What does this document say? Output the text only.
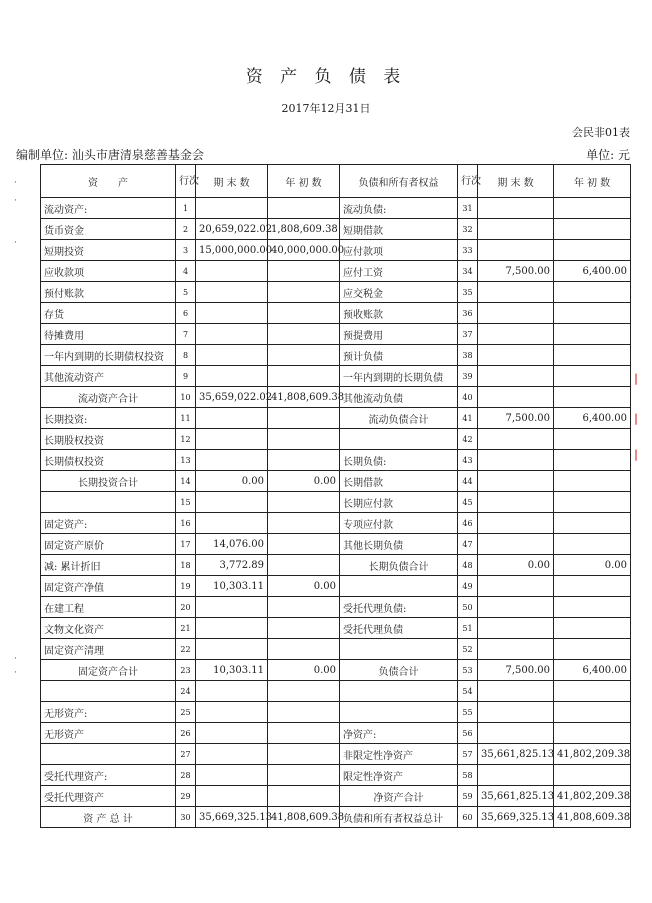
资 产 负 债 表
2017年12月31日
会民非01表
编制单位: 汕头市唐清泉慈善基金会	单位: 元
资　　产	行次	期 末 数	年 初 数	负债和所有者权益	行次	期 末 数	年 初 数
流动资产:	1			流动负债:	31		
货币资金	2	20,659,022.02	1,808,609.38	短期借款	32		
短期投资	3	15,000,000.00	40,000,000.00	应付款项	33		
应收款项	4			应付工资	34	7,500.00	6,400.00
预付账款	5			应交税金	35		
存货	6			预收账款	36		
待摊费用	7			预提费用	37		
一年内到期的长期债权投资	8			预计负债	38		
其他流动资产	9			一年内到期的长期负债	39		
流动资产合计	10	35,659,022.02	41,808,609.38	其他流动负债	40		
长期投资:	11			流动负债合计	41	7,500.00	6,400.00
长期股权投资	12				42		
长期债权投资	13			长期负债:	43		
长期投资合计	14	0.00	0.00	长期借款	44		
	15			长期应付款	45		
固定资产:	16			专项应付款	46		
固定资产原价	17	14,076.00		其他长期负债	47		
减: 累计折旧	18	3,772.89		长期负债合计	48	0.00	0.00
固定资产净值	19	10,303.11	0.00		49		
在建工程	20			受托代理负债:	50		
文物文化资产	21			受托代理负债	51		
固定资产清理	22				52		
固定资产合计	23	10,303.11	0.00	负债合计	53	7,500.00	6,400.00
	24				54		
无形资产:	25				55		
无形资产	26			净资产:	56		
	27			非限定性净资产	57	35,661,825.13	41,802,209.38
受托代理资产:	28			限定性净资产	58		
受托代理资产	29			净资产合计	59	35,661,825.13	41,802,209.38
资 产 总 计	30	35,669,325.13	41,808,609.38	负债和所有者权益总计	60	35,669,325.13	41,808,609.38
·
·
·
·
·
|
|
|
